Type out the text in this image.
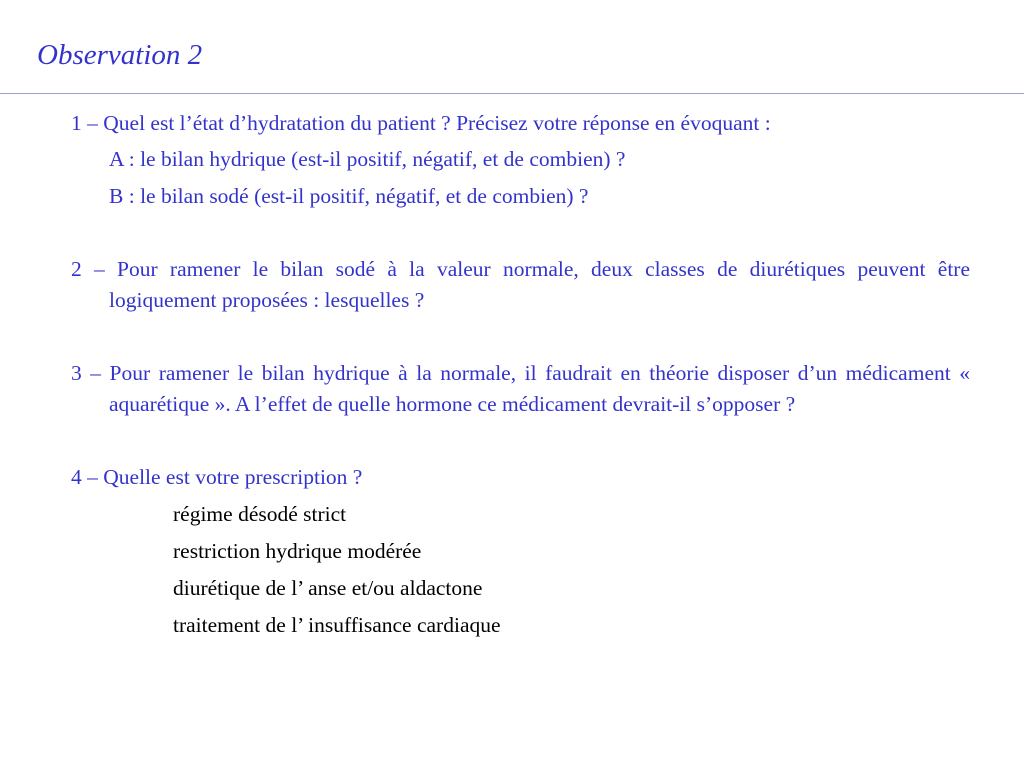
Observation 2

1 – Quel est l’état d’hydratation du patient ? Précisez votre réponse en évoquant :

A : le bilan hydrique (est-il positif, négatif, et de combien) ?
B : le bilan sodé (est-il positif, négatif, et de combien) ?

2 – Pour ramener le bilan sodé à la valeur normale, deux classes de diurétiques peuvent être logiquement proposées : lesquelles ?

3 – Pour ramener le bilan hydrique à la normale, il faudrait en théorie disposer d’un médicament « aquarétique ». A l’effet de quelle hormone ce médicament devrait-il s’opposer ?

4 – Quelle est votre prescription ?

régime désodé strict
restriction hydrique modérée
diurétique de l’ anse et/ou aldactone
traitement de l’ insuffisance cardiaque
